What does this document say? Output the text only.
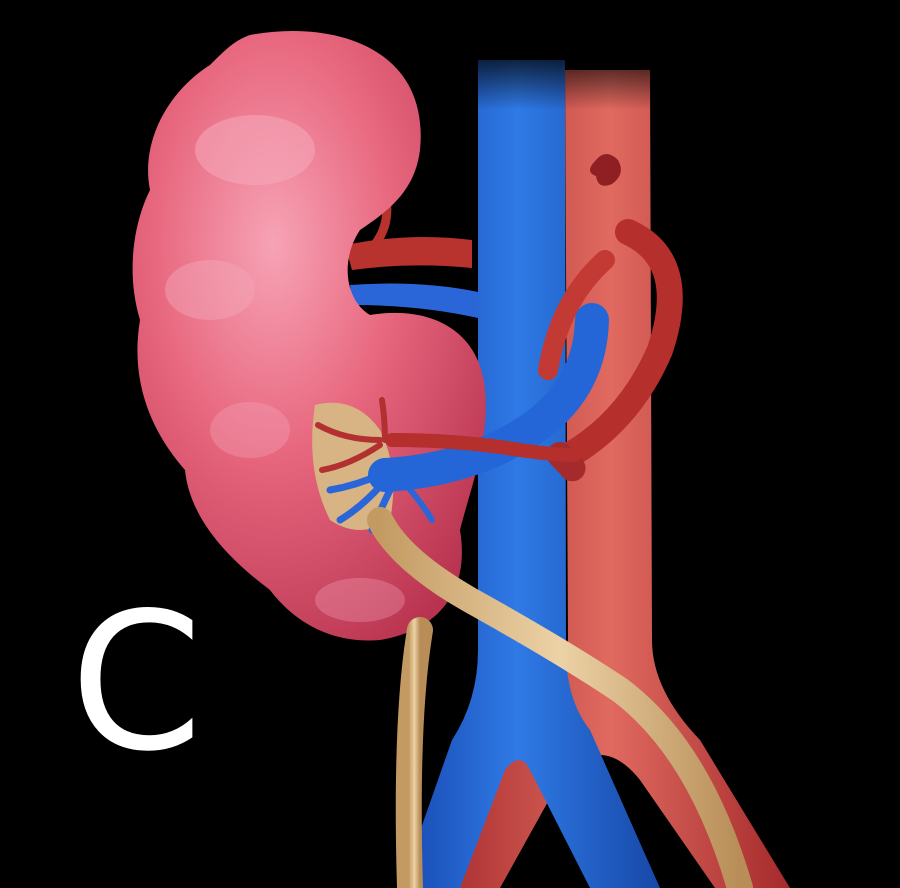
C
